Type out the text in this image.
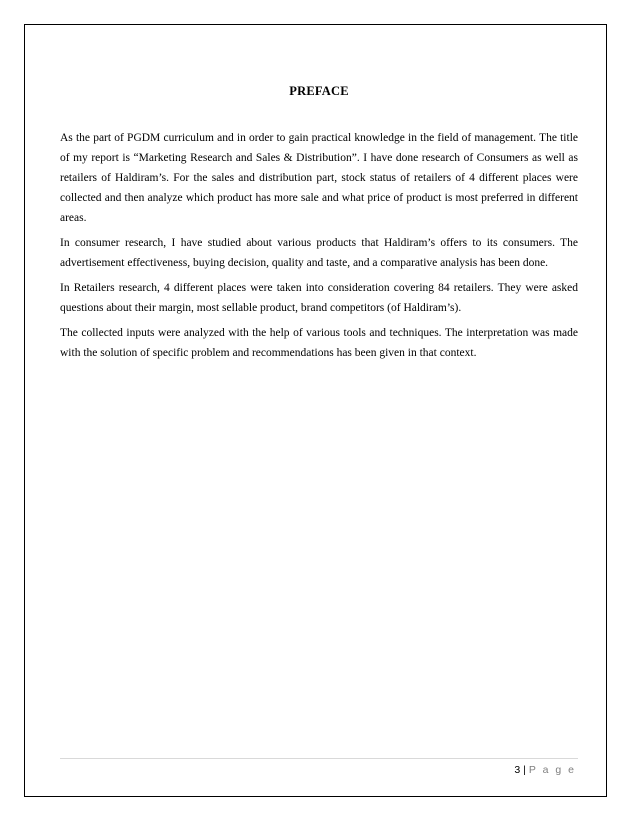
PREFACE

As the part of PGDM curriculum and in order to gain practical knowledge in the field of management. The title of my report is “Marketing Research and Sales & Distribution”. I have done research of Consumers as well as retailers of Haldiram’s. For the sales and distribution part, stock status of retailers of 4 different places were collected and then analyze which product has more sale and what price of product is most preferred in different areas.

In consumer research, I have studied about various products that Haldiram’s offers to its consumers. The advertisement effectiveness, buying decision, quality and taste, and a comparative analysis has been done.

In Retailers research, 4 different places were taken into consideration covering 84 retailers. They were asked questions about their margin, most sellable product, brand competitors (of Haldiram’s).

The collected inputs were analyzed with the help of various tools and techniques. The interpretation was made with the solution of specific problem and recommendations has been given in that context.

3 | P a g e
